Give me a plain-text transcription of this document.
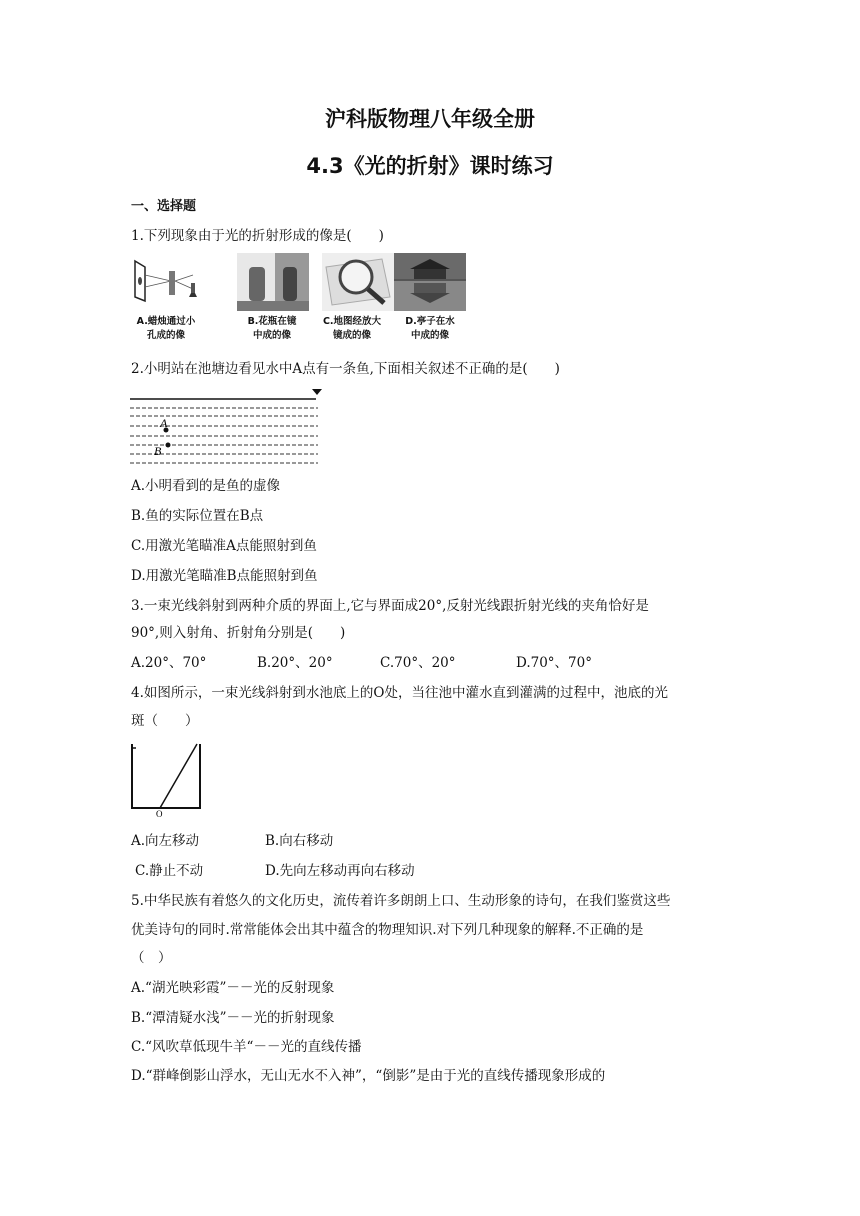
沪科版物理八年级全册
4.3《光的折射》课时练习
一、选择题
1.下列现象由于光的折射形成的像是(　　)
A.蜡烛通过小
孔成的像
B.花瓶在镜
中成的像
C.地图经放大
镜成的像
D.亭子在水
中成的像
2.小明站在池塘边看见水中A点有一条鱼,下面相关叙述不正确的是(　　)
A
B
A.小明看到的是鱼的虚像
B.鱼的实际位置在B点
C.用激光笔瞄准A点能照射到鱼
D.用激光笔瞄准B点能照射到鱼
3.一束光线斜射到两种介质的界面上,它与界面成20°,反射光线跟折射光线的夹角恰好是
90°,则入射角、折射角分别是(　　)
A.20°、70°	B.20°、20°	C.70°、20°	D.70°、70°
4.如图所示，一束光线斜射到水池底上的O处，当往池中灌水直到灌满的过程中，池底的光
斑（　　）
O
A.向左移动	B.向右移动
C.静止不动	D.先向左移动再向右移动
5.中华民族有着悠久的文化历史，流传着许多朗朗上口、生动形象的诗句，在我们鉴赏这些
优美诗句的同时.常常能体会出其中蕴含的物理知识.对下列几种现象的解释.不正确的是
（　）
A.“湖光映彩霞”－－光的反射现象
B.“潭清疑水浅”－－光的折射现象
C.“风吹草低现牛羊“－－光的直线传播
D.“群峰倒影山浮水，无山无水不入神”，“倒影”是由于光的直线传播现象形成的
